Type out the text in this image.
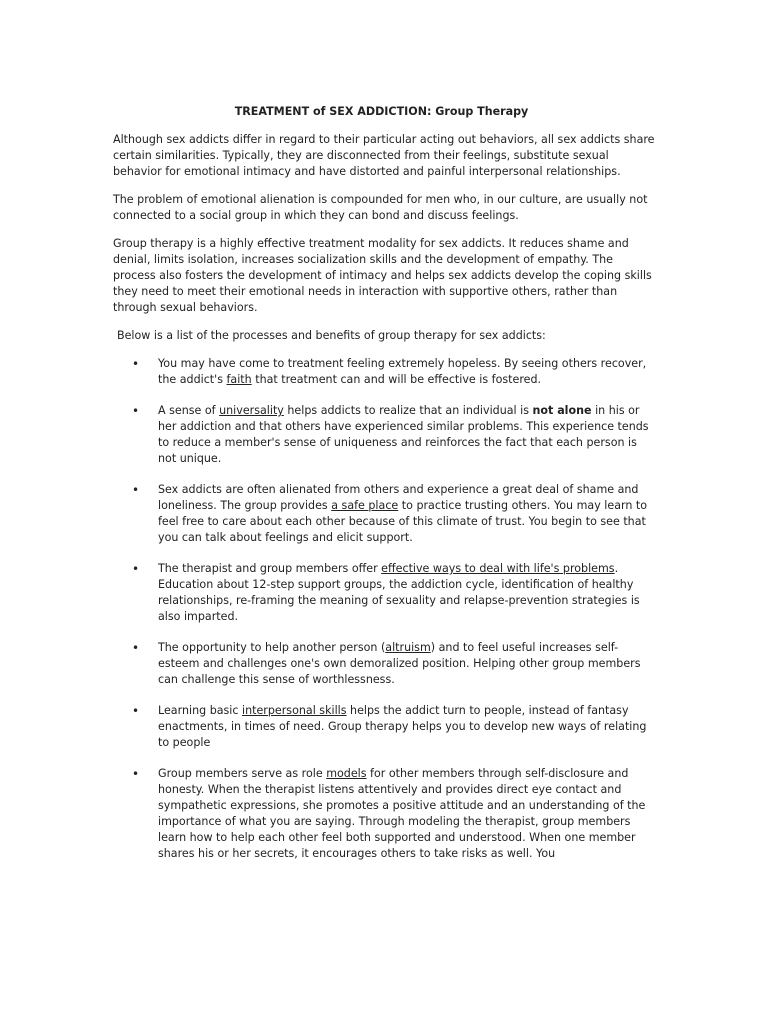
TREATMENT of SEX ADDICTION: Group Therapy

Although sex addicts differ in regard to their particular acting out behaviors, all sex addicts share certain similarities. Typically, they are disconnected from their feelings, substitute sexual behavior for emotional intimacy and have distorted and painful interpersonal relationships.

The problem of emotional alienation is compounded for men who, in our culture, are usually not connected to a social group in which they can bond and discuss feelings.

Group therapy is a highly effective treatment modality for sex addicts. It reduces shame and denial, limits isolation, increases socialization skills and the development of empathy. The process also fosters the development of intimacy and helps sex addicts develop the coping skills they need to meet their emotional needs in interaction with supportive others, rather than through sexual behaviors.

Below is a list of the processes and benefits of group therapy for sex addicts:

• You may have come to treatment feeling extremely hopeless. By seeing others recover, the addict's faith that treatment can and will be effective is fostered.
• A sense of universality helps addicts to realize that an individual is not alone in his or her addiction and that others have experienced similar problems. This experience tends to reduce a member's sense of uniqueness and reinforces the fact that each person is not unique.
• Sex addicts are often alienated from others and experience a great deal of shame and loneliness. The group provides a safe place to practice trusting others. You may learn to feel free to care about each other because of this climate of trust. You begin to see that you can talk about feelings and elicit support.
• The therapist and group members offer effective ways to deal with life's problems. Education about 12-step support groups, the addiction cycle, identification of healthy relationships, re-framing the meaning of sexuality and relapse-prevention strategies is also imparted.
• The opportunity to help another person (altruism) and to feel useful increases self-esteem and challenges one's own demoralized position. Helping other group members can challenge this sense of worthlessness.
• Learning basic interpersonal skills helps the addict turn to people, instead of fantasy enactments, in times of need. Group therapy helps you to develop new ways of relating to people
• Group members serve as role models for other members through self-disclosure and honesty. When the therapist listens attentively and provides direct eye contact and sympathetic expressions, she promotes a positive attitude and an understanding of the importance of what you are saying. Through modeling the therapist, group members learn how to help each other feel both supported and understood. When one member shares his or her secrets, it encourages others to take risks as well. You
